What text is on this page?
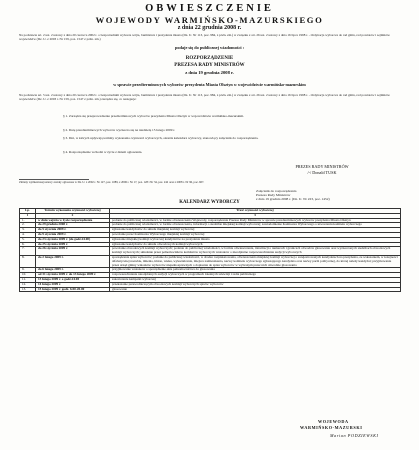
OBWIESZCZENIE
WOJEWODY WARMIŃSKO-MAZURSKIEGO
z dnia 22 grudnia 2008 r.
Na podstawie art. 2 ust. 2 ustawy z dnia 20 czerwca 2002 r. o bezpośrednim wyborze wójta, burmistrza i prezydenta miasta (Dz. U. Nr 113, poz. 984, z późn. zm.) w związku z art. 26 ust. 2 ustawy z dnia 16 lipca 1998 r. - Ordynacja wyborcza do rad gmin, rad powiatów i sejmików województw (Dz. U. z 2003 r. Nr 159, poz. 1547 z późn. zm.)
podaje się do publicznej wiadomości :
ROZPORZĄDZENIE
PREZESA RADY MINISTRÓW
z dnia 19 grudnia 2008 r.
w sprawie przedterminowych wyborów prezydenta Miasta Olsztyn w województwie warmińsko-mazurskim
Na podstawie art. 5 ust. 2 ustawy z dnia 20 czerwca 2002 r. o bezpośrednim wyborze wójta, burmistrza i prezydenta miasta (Dz. U. Nr 113, poz. 984, z późn. zm.) w związku z art. 26 ust. 2 ustawy z dnia 16 lipca 1998 r. - Ordynacja wyborcza do rad gmin, rad powiatów i sejmików województw (Dz. U. z 2003 r. Nr 159, poz. 1547 z późn. zm.) zarządza się, co następuje:
§ 1. Zarządza się przeprowadzenie przedterminowych wyborów prezydenta Miasta Olsztyn w województwie warmińsko-mazurskim.
§ 2. Datę przedterminowych wyborów wyznacza się na niedzielę 15 lutego 2009 r.
§ 3. Dni, w których upływają terminy wykonania czynności wyborczych, określa kalendarz wyborczy, stanowiący załącznik do rozporządzenia.
§ 4. Rozporządzenie wchodzi w życie z dniem ogłoszenia.
PREZES RADY MINISTRÓW
/-/ Donald TUSK
Zmiany wymienionej ustawy zostały ogłoszone w Dz. U. z 2002 r. Nr 127, poz. 1089, z 2006 r. Nr 17, poz. 128 i Nr 34, poz. 242 oraz z 2008 r. Nr 96, poz. 607.
Załącznik do rozporządzenia
Prezesa Rady Ministrów
z dnia 19 grudnia 2008 r. (Dz. U. Nr 223, poz. 1452)
KALENDARZ WYBORCZY
Lp.	Termin wykonania czynności wyborczej	Treść czynności wyborczej
1	2	3
1.	w dniu wejścia w życie rozporządzenia	podanie do publicznej wiadomości, w formie obwieszczenia Wojewody, rozporządzenia Prezesa Rady Ministrów w sprawie przedterminowych wyborów prezydenta Miasta Olsztyn
2.	do 29 grudnia 2008 r.	podanie do publicznej wiadomości, w formie obwieszczenia, informacji o siedzibie miejskiej komisji wyborczej; zawiadomienie Komisarza Wyborczego o utworzeniu komitetu wyborczego
3.	do 5 stycznia 2009 r.	zgłaszanie kandydatów do składu miejskiej komisji wyborczej
4.	do 9 stycznia 2009 r.	powołanie przez Komisarza Wyborczego miejskiej komisji wyborczej
5.	do 23 stycznia 2009 r. (do godz.24.00)	zgłaszanie miejskiej komisji wyborczej kandydatów na prezydenta miasta
6.	do 25 stycznia 2009 r.	zgłaszanie kandydatów do składu obwodowych komisji wyborczych
7.	do 26 stycznia 2009 r.	powołanie obwodowych komisji wyborczych; podanie do publicznej wiadomości, w formie obwieszczenia, informacji o numerach i granicach obwodów głosowania oraz wyznaczonych siedzibach obwodowych komisji wyborczych; składanie przez pełnomocników komitetów wyborczych wniosków o nieodpłatne rozpowszechnianie audycji wyborczych
8.	do 2 lutego 2009 r.	sporządzenie spisu wyborców; podanie do publicznej wiadomości, w drodze rozplakatowania, obwieszczenia miejskiej komisji wyborczej o zarejestrowanych kandydatach na prezydenta, ze wskazaniem, w kolejności alfabetycznej nazwisk, imienia, imion, wieku, wykształcenia, miejsca zamieszkania, nazwy komitetu wyborczego zgłaszającego kandydata oraz nazwy partii politycznej, do której należy kandydat; przyjmowanie przez urząd gminy wniosków wyborców niepełnosprawnych o dopisanie do spisu wyborców w wybranym przez nich obwodzie głosowania
9.	do 6 lutego 2009 r.	przyjmowanie wniosków o sporządzenie aktu pełnomocnictwa do głosowania
10.	od 31 stycznia 2009 r. do 13 lutego 2009 r.	rozpowszechnianie nieodpłatnych audycji wyborczych w programach lokalnych telewizji i radia publicznego
11.	13 lutego 2009 r. o godz.24.00	zakończenie kampanii wyborczej
12.	14 lutego 2009 r.	przekazanie przewodniczącym obwodowych komisji wyborczych spisów wyborców
13.	15 lutego 2009 r. godz. 6.00-20.00	głosowanie
WOJEWODA
WARMIŃSKO-MAZURSKI
Marian PODZIEWSKI
